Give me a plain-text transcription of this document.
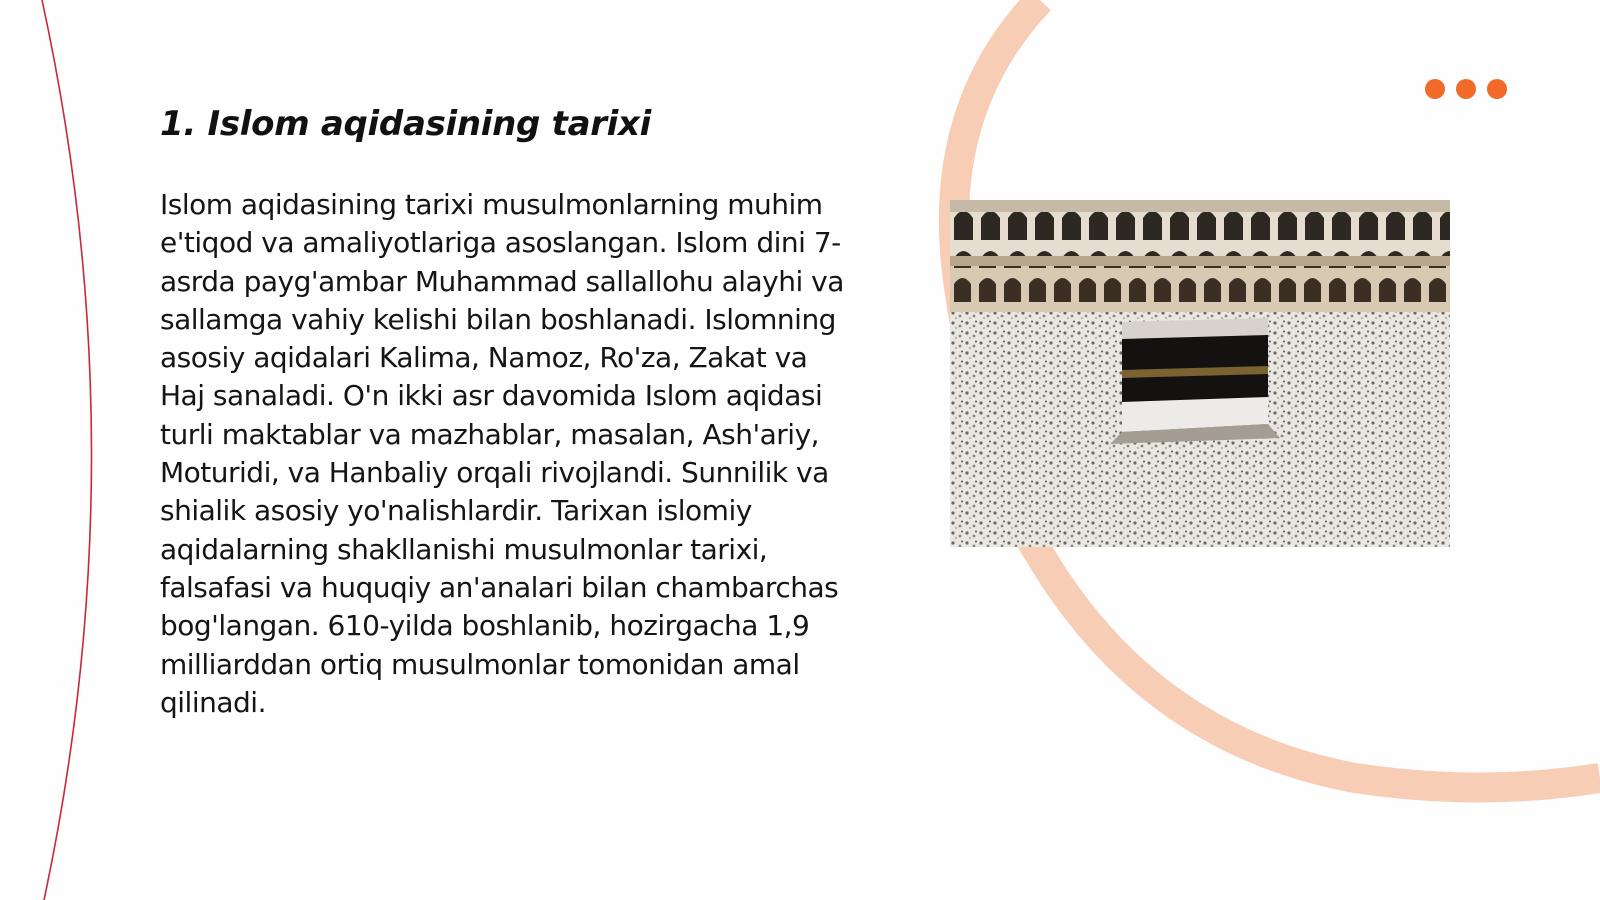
1. Islom aqidasining tarixi

Islom aqidasining tarixi musulmonlarning muhim e'tiqod va amaliyotlariga asoslangan. Islom dini 7-asrda payg'ambar Muhammad sallallohu alayhi va sallamga vahiy kelishi bilan boshlanadi. Islomning asosiy aqidalari Kalima, Namoz, Ro'za, Zakat va Haj sanaladi. O'n ikki asr davomida Islom aqidasi turli maktablar va mazhablar, masalan, Ash'ariy, Moturidi, va Hanbaliy orqali rivojlandi. Sunnilik va shialik asosiy yo'nalishlardir. Tarixan islomiy aqidalarning shakllanishi musulmonlar tarixi, falsafasi va huquqiy an'analari bilan chambarchas bog'langan. 610-yilda boshlanib, hozirgacha 1,9 milliarddan ortiq musulmonlar tomonidan amal qilinadi.
